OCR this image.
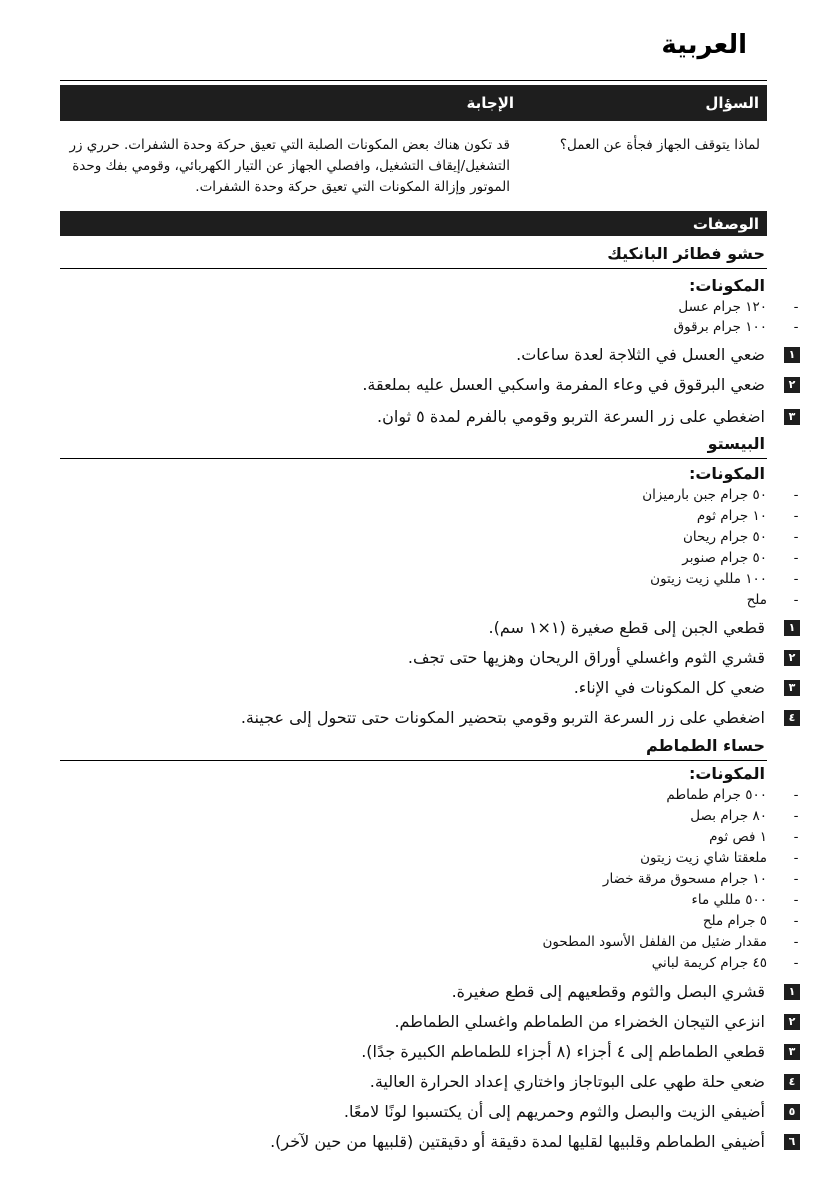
العربية
السؤال
الإجابة
لماذا يتوقف الجهاز فجأة عن العمل؟
قد تكون هناك بعض المكونات الصلبة التي تعيق حركة وحدة الشفرات. حرري زر التشغيل/إيقاف التشغيل، وافصلي الجهاز عن التيار الكهربائي، وقومي بفك وحدة الموتور وإزالة المكونات التي تعيق حركة وحدة الشفرات.
الوصفات
حشو فطائر البانكيك
المكونات:
-
١٢٠ جرام عسل
-
١٠٠ جرام برقوق
١
ضعي العسل في الثلاجة لعدة ساعات.
٢
ضعي البرقوق في وعاء المفرمة واسكبي العسل عليه بملعقة.
٣
اضغطي على زر السرعة التربو وقومي بالفرم لمدة ٥ ثوان.
البيستو
المكونات:
-
٥٠ جرام جبن بارميزان
-
١٠ جرام ثوم
-
٥٠ جرام ريحان
-
٥٠ جرام صنوبر
-
١٠٠ مللي زيت زيتون
-
ملح
١
قطعي الجبن إلى قطع صغيرة (١×١ سم).
٢
قشري الثوم واغسلي أوراق الريحان وهزيها حتى تجف.
٣
ضعي كل المكونات في الإناء.
٤
اضغطي على زر السرعة التربو وقومي بتحضير المكونات حتى تتحول إلى عجينة.
حساء الطماطم
المكونات:
-
٥٠٠ جرام طماطم
-
٨٠ جرام بصل
-
١ فص ثوم
-
ملعقتا شاي زيت زيتون
-
١٠ جرام مسحوق مرقة خضار
-
٥٠٠ مللي ماء
-
٥ جرام ملح
-
مقدار ضئيل من الفلفل الأسود المطحون
-
٤٥ جرام كريمة لباني
١
قشري البصل والثوم وقطعيهم إلى قطع صغيرة.
٢
انزعي التيجان الخضراء من الطماطم واغسلي الطماطم.
٣
قطعي الطماطم إلى ٤ أجزاء (٨ أجزاء للطماطم الكبيرة جدًا).
٤
ضعي حلة طهي على البوتاجاز واختاري إعداد الحرارة العالية.
٥
أضيفي الزيت والبصل والثوم وحمريهم إلى أن يكتسبوا لونًا لامعًا.
٦
أضيفي الطماطم وقلبيها لقليها لمدة دقيقة أو دقيقتين (قلبيها من حين لآخر).
